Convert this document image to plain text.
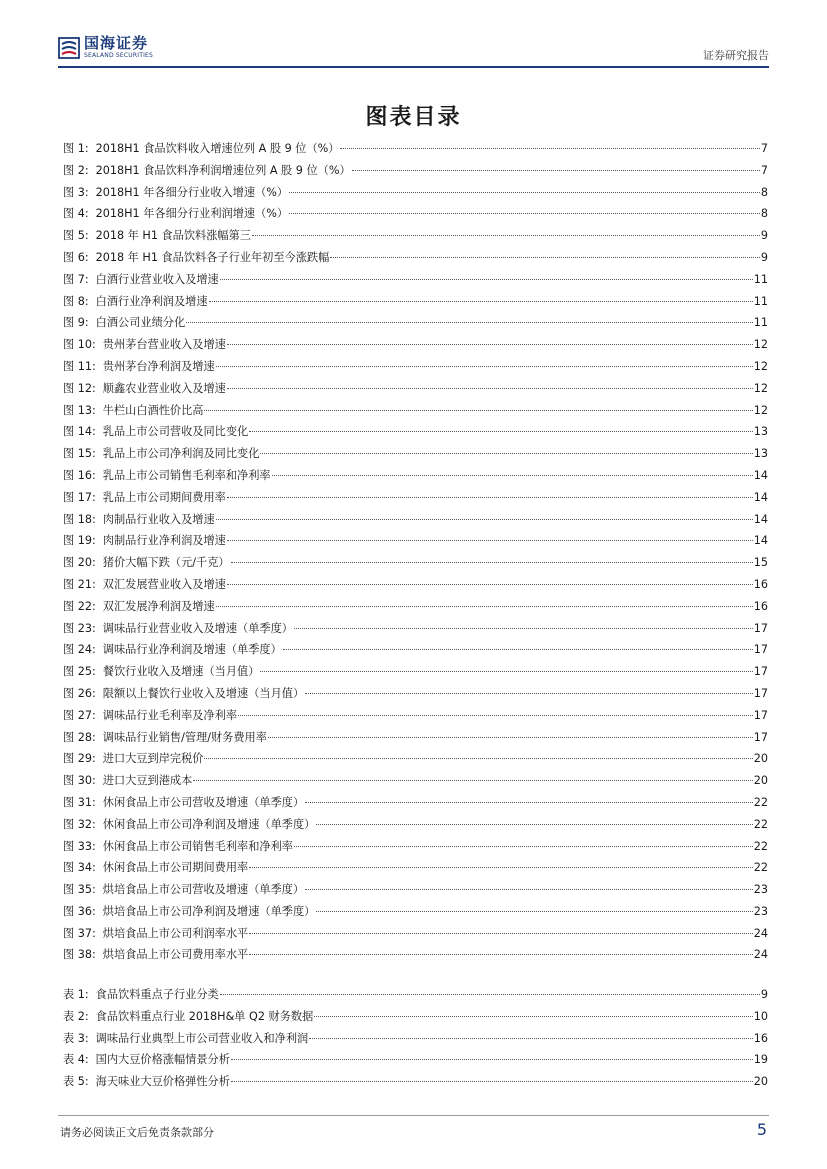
国海证券
SEALAND SECURITIES	证券研究报告
图表目录
图 1: 2018H1 食品饮料收入增速位列 A 股 9 位（%）	7
图 2: 2018H1 食品饮料净利润增速位列 A 股 9 位（%）	7
图 3: 2018H1 年各细分行业收入增速（%）	8
图 4: 2018H1 年各细分行业利润增速（%）	8
图 5: 2018 年 H1 食品饮料涨幅第三	9
图 6: 2018 年 H1 食品饮料各子行业年初至今涨跌幅	9
图 7: 白酒行业营业收入及增速	11
图 8: 白酒行业净利润及增速	11
图 9: 白酒公司业绩分化	11
图 10: 贵州茅台营业收入及增速	12
图 11: 贵州茅台净利润及增速	12
图 12: 顺鑫农业营业收入及增速	12
图 13: 牛栏山白酒性价比高	12
图 14: 乳品上市公司营收及同比变化	13
图 15: 乳品上市公司净利润及同比变化	13
图 16: 乳品上市公司销售毛利率和净利率	14
图 17: 乳品上市公司期间费用率	14
图 18: 肉制品行业收入及增速	14
图 19: 肉制品行业净利润及增速	14
图 20: 猪价大幅下跌（元/千克）	15
图 21: 双汇发展营业收入及增速	16
图 22: 双汇发展净利润及增速	16
图 23: 调味品行业营业收入及增速（单季度）	17
图 24: 调味品行业净利润及增速（单季度）	17
图 25: 餐饮行业收入及增速（当月值）	17
图 26: 限额以上餐饮行业收入及增速（当月值）	17
图 27: 调味品行业毛利率及净利率	17
图 28: 调味品行业销售/管理/财务费用率	17
图 29: 进口大豆到岸完税价	20
图 30: 进口大豆到港成本	20
图 31: 休闲食品上市公司营收及增速（单季度）	22
图 32: 休闲食品上市公司净利润及增速（单季度）	22
图 33: 休闲食品上市公司销售毛利率和净利率	22
图 34: 休闲食品上市公司期间费用率	22
图 35: 烘培食品上市公司营收及增速（单季度）	23
图 36: 烘培食品上市公司净利润及增速（单季度）	23
图 37: 烘培食品上市公司利润率水平	24
图 38: 烘培食品上市公司费用率水平	24
表 1: 食品饮料重点子行业分类	9
表 2: 食品饮料重点行业 2018H&单 Q2 财务数据	10
表 3: 调味品行业典型上市公司营业收入和净利润	16
表 4: 国内大豆价格涨幅情景分析	19
表 5: 海天味业大豆价格弹性分析	20
请务必阅读正文后免责条款部分	5
